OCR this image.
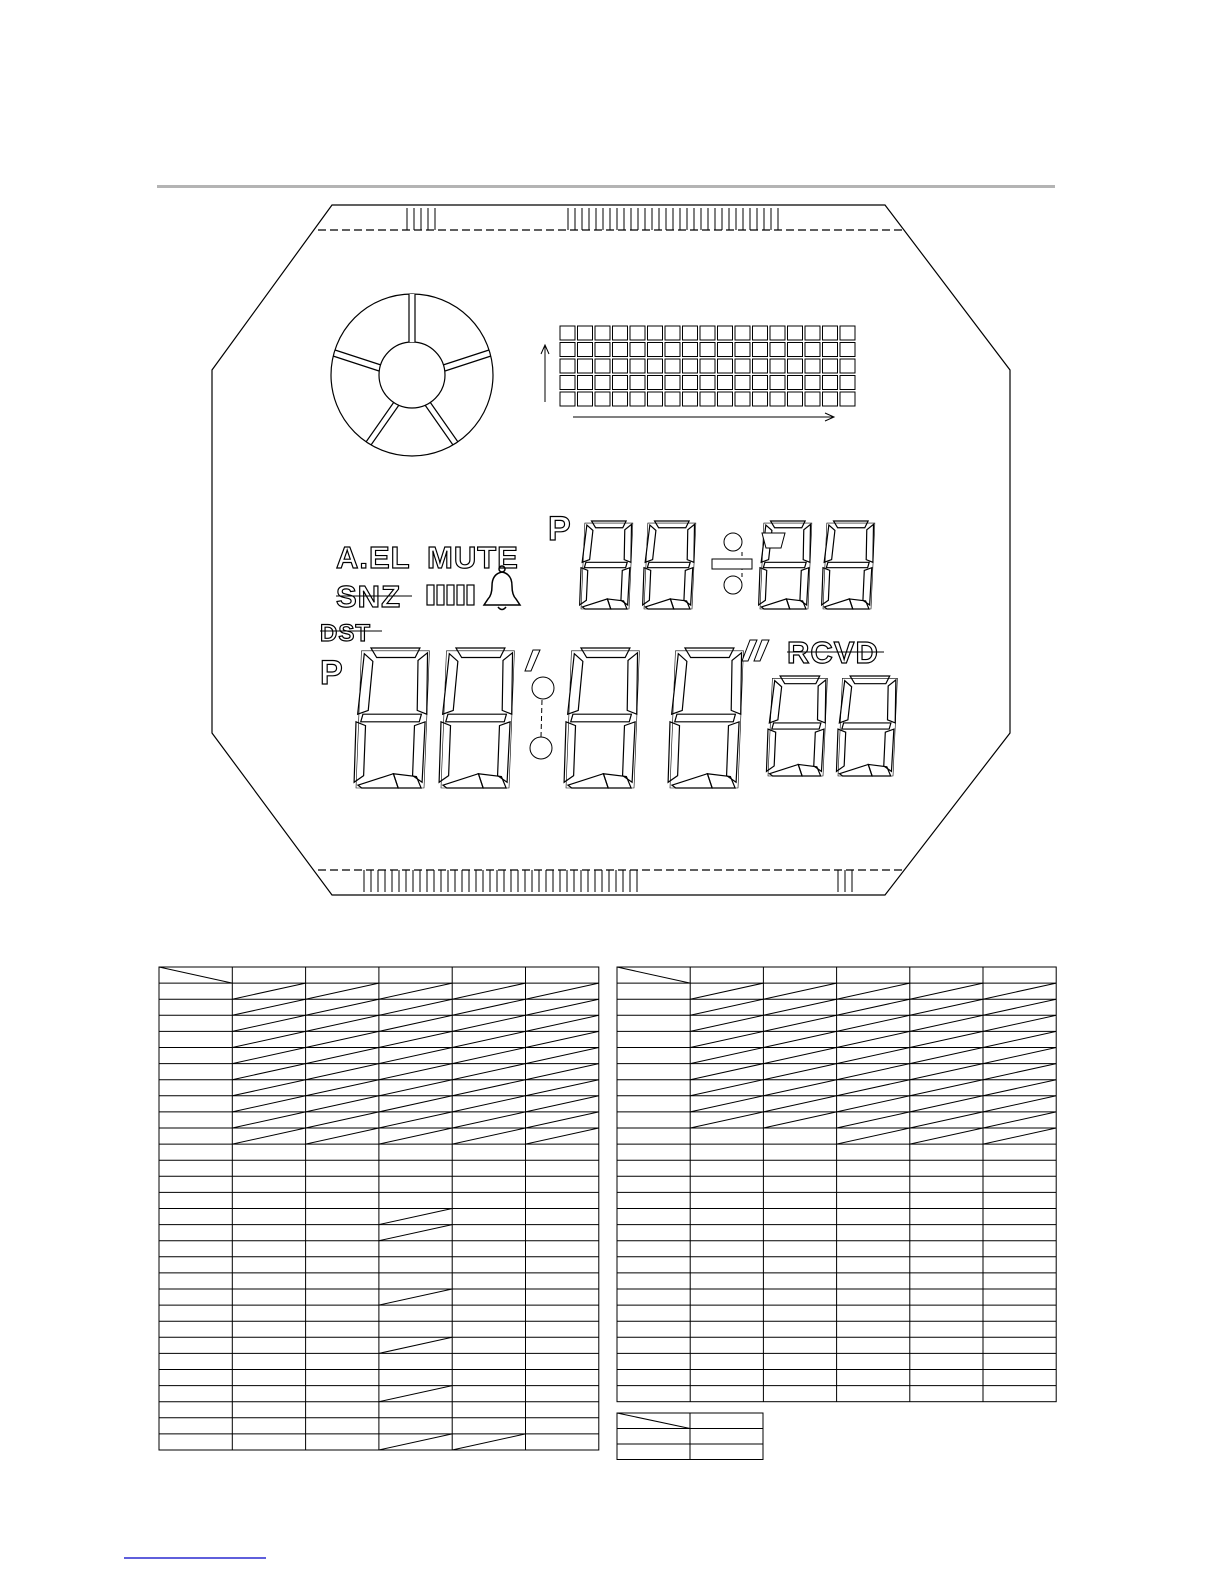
P
A.EL MUTE
SNZ
DST
P
RCVD
